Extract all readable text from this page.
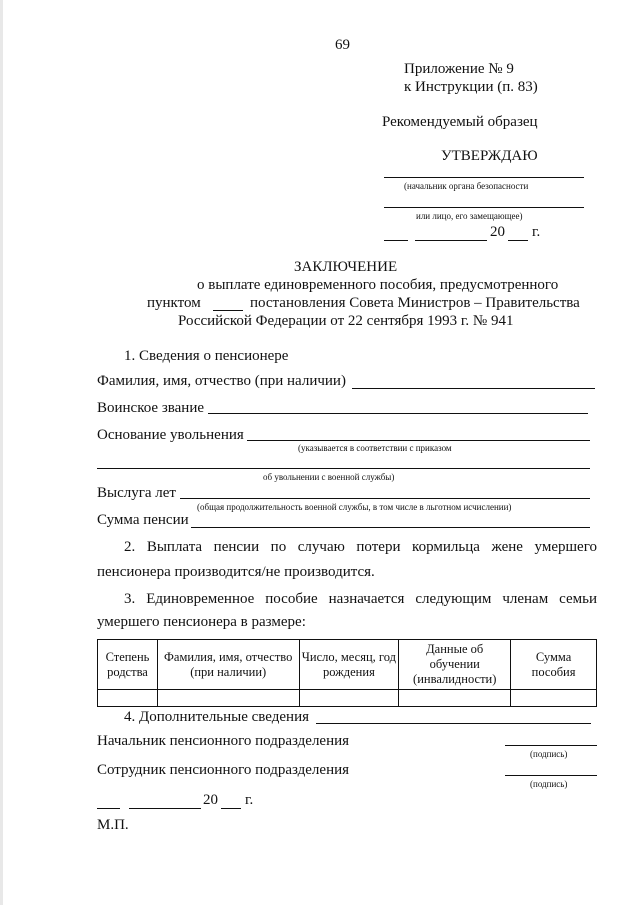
69
Приложение № 9
к Инструкции (п. 83)
Рекомендуемый образец
УТВЕРЖДАЮ
(начальник органа безопасности
или лицо, его замещающее)
20 г.
ЗАКЛЮЧЕНИЕ
о выплате единовременного пособия, предусмотренного
пунктом	постановления Совета Министров – Правительства
Российской Федерации от 22 сентября 1993 г. № 941
1. Сведения о пенсионере
Фамилия, имя, отчество (при наличии)
Воинское звание
Основание увольнения
(указывается в соответствии с приказом
об увольнении с военной службы)
Выслуга лет
(общая продолжительность военной службы, в том числе в льготном исчислении)
Сумма пенсии
2. Выплата пенсии по случаю потери кормильца жене умершего
пенсионера производится/не производится.
3. Единовременное пособие назначается следующим членам семьи
умершего пенсионера в размере:
Степень родства	Фамилия, имя, отчество (при наличии)	Число, месяц, год рождения	Данные об обучении (инвалидности)	Сумма пособия

4. Дополнительные сведения
Начальник пенсионного подразделения
(подпись)
Сотрудник пенсионного подразделения
(подпись)
20 г.
М.П.
